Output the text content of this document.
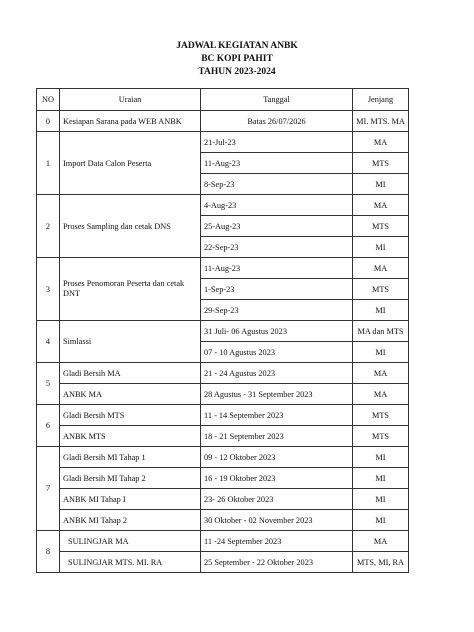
JADWAL KEGIATAN ANBK
BC KOPI PAHIT
TAHUN 2023-2024
NO	Uraian	Tanggal	Jenjang
0	Kesiapan Sarana pada WEB ANBK	Batas 26/07/2026	MI. MTS. MA
1	Import Data Calon Peserta	21-Jul-23	MA
		11-Aug-23	MTS
		8-Sep-23	MI
2	Proses Sampling dan cetak DNS	4-Aug-23	MA
		25-Aug-23	MTS
		22-Sep-23	MI
3	Proses Penomoran Peserta dan cetak DNT	11-Aug-23	MA
		1-Sep-23	MTS
		29-Sep-23	MI
4	Simlassi	31 Juli- 06 Agustus 2023	MA dan MTS
		07 - 10 Agustus 2023	MI
5	Gladi Bersih MA	21 - 24 Agustus 2023	MA
	ANBK MA	28 Agustus - 31 September 2023	MA
6	Gladi Bersih MTS	11 - 14 September 2023	MTS
	ANBK MTS	18 - 21 September 2023	MTS
7	Gladi Bersih MI Tahap 1	09 - 12 Oktober 2023	MI
	Gladi Bersih MI Tahap 2	16 - 19 Oktober 2023	MI
	ANBK MI Tahap I	23- 26 Oktober 2023	MI
	ANBK MI Tahap 2	30 Oktober - 02 November 2023	MI
8	SULINGJAR MA	11 -24 September 2023	MA
	SULINGJAR MTS. MI. RA	25 September - 22 Oktober 2023	MTS, MI, RA
